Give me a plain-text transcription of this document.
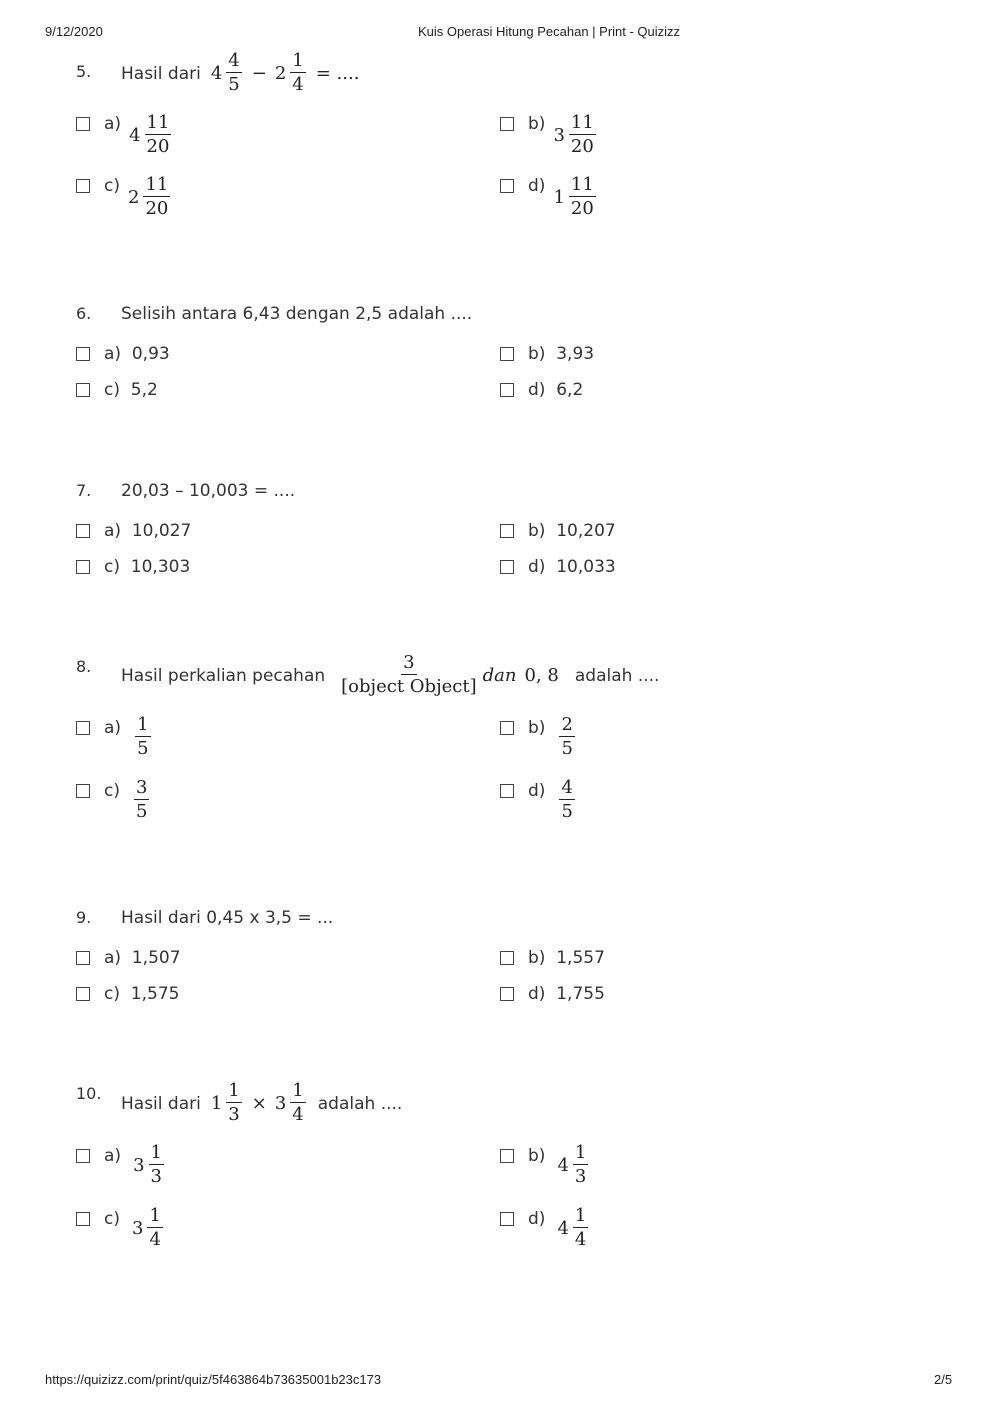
9/12/2020	Kuis Operasi Hitung Pecahan | Print - Quizizz
5. Hasil dari $4 \frac{4}{5} - 2 \frac{1}{4}$ = ....
a)
$4 \frac{11}{20}$	b)
$3 \frac{11}{20}$
c)
$2 \frac{11}{20}$	d)
$1 \frac{11}{20}$
6. Selisih antara 6,43 dengan 2,5 adalah ....
a)  0,93	b)  3,93
c)  5,2	d)  6,2
7. 20,03 – 10,003 = ....
a)  10,027	b)  10,207
c)  10,303	d)  10,033
8. Hasil perkalian pecahan $\frac{3}{\text{[object Object]}}$ dan 0, 8 adalah ....
$a) \frac{1}{5}$	$b) \frac{2}{5}$
$c) \frac{3}{5}$	$d) \frac{4}{5}$
9. Hasil dari 0,45 x 3,5 = ...
a)  1,507	b)  1,557
c)  1,575	d)  1,755
10. Hasil dari $1 \frac{1}{3} \times 3 \frac{1}{4}$ adalah ....
a) $3 \frac{1}{3}$	b) $4 \frac{1}{3}$
c) $3 \frac{1}{4}$	d) $4 \frac{1}{4}$
https://quizizz.com/print/quiz/5f463864b73635001b23c173	2/5
